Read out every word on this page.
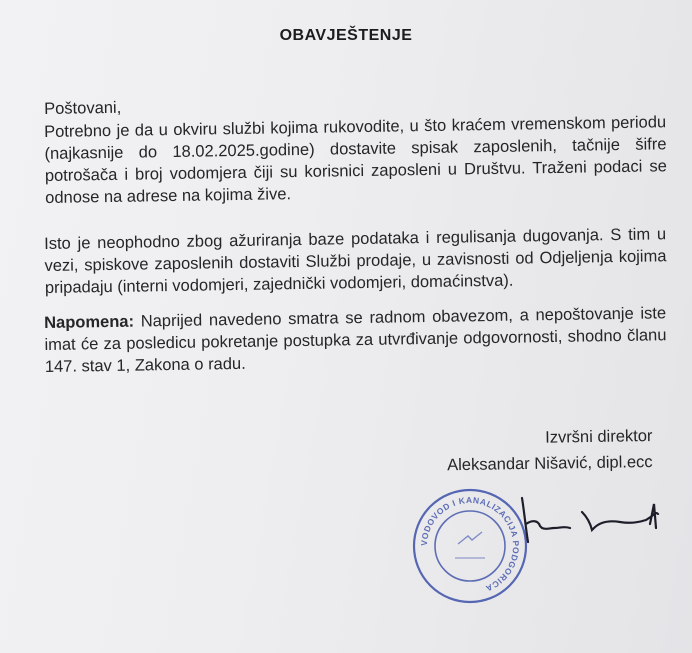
OBAVJEŠTENJE
Poštovani,
Potrebno je da u okviru službi kojima rukovodite, u što kraćem vremenskom periodu (najkasnije do 18.02.2025.godine) dostavite spisak zaposlenih, tačnije šifre potrošača i broj vodomjera čiji su korisnici zaposleni u Društvu. Traženi podaci se odnose na adrese na kojima žive.
Isto je neophodno zbog ažuriranja baze podataka i regulisanja dugovanja. S tim u vezi, spiskove zaposlenih dostaviti Službi prodaje, u zavisnosti od Odjeljenja kojima pripadaju (interni vodomjeri, zajednički vodomjeri, domaćinstva).
Napomena: Naprijed navedeno smatra se radnom obavezom, a nepoštovanje iste imat će za posledicu pokretanje postupka za utvrđivanje odgovornosti, shodno članu 147. stav 1, Zakona o radu.
Izvršni direktor
Aleksandar Nišavić, dipl.ecc
VODOVOD I KANALIZACIJA PODGORICA
